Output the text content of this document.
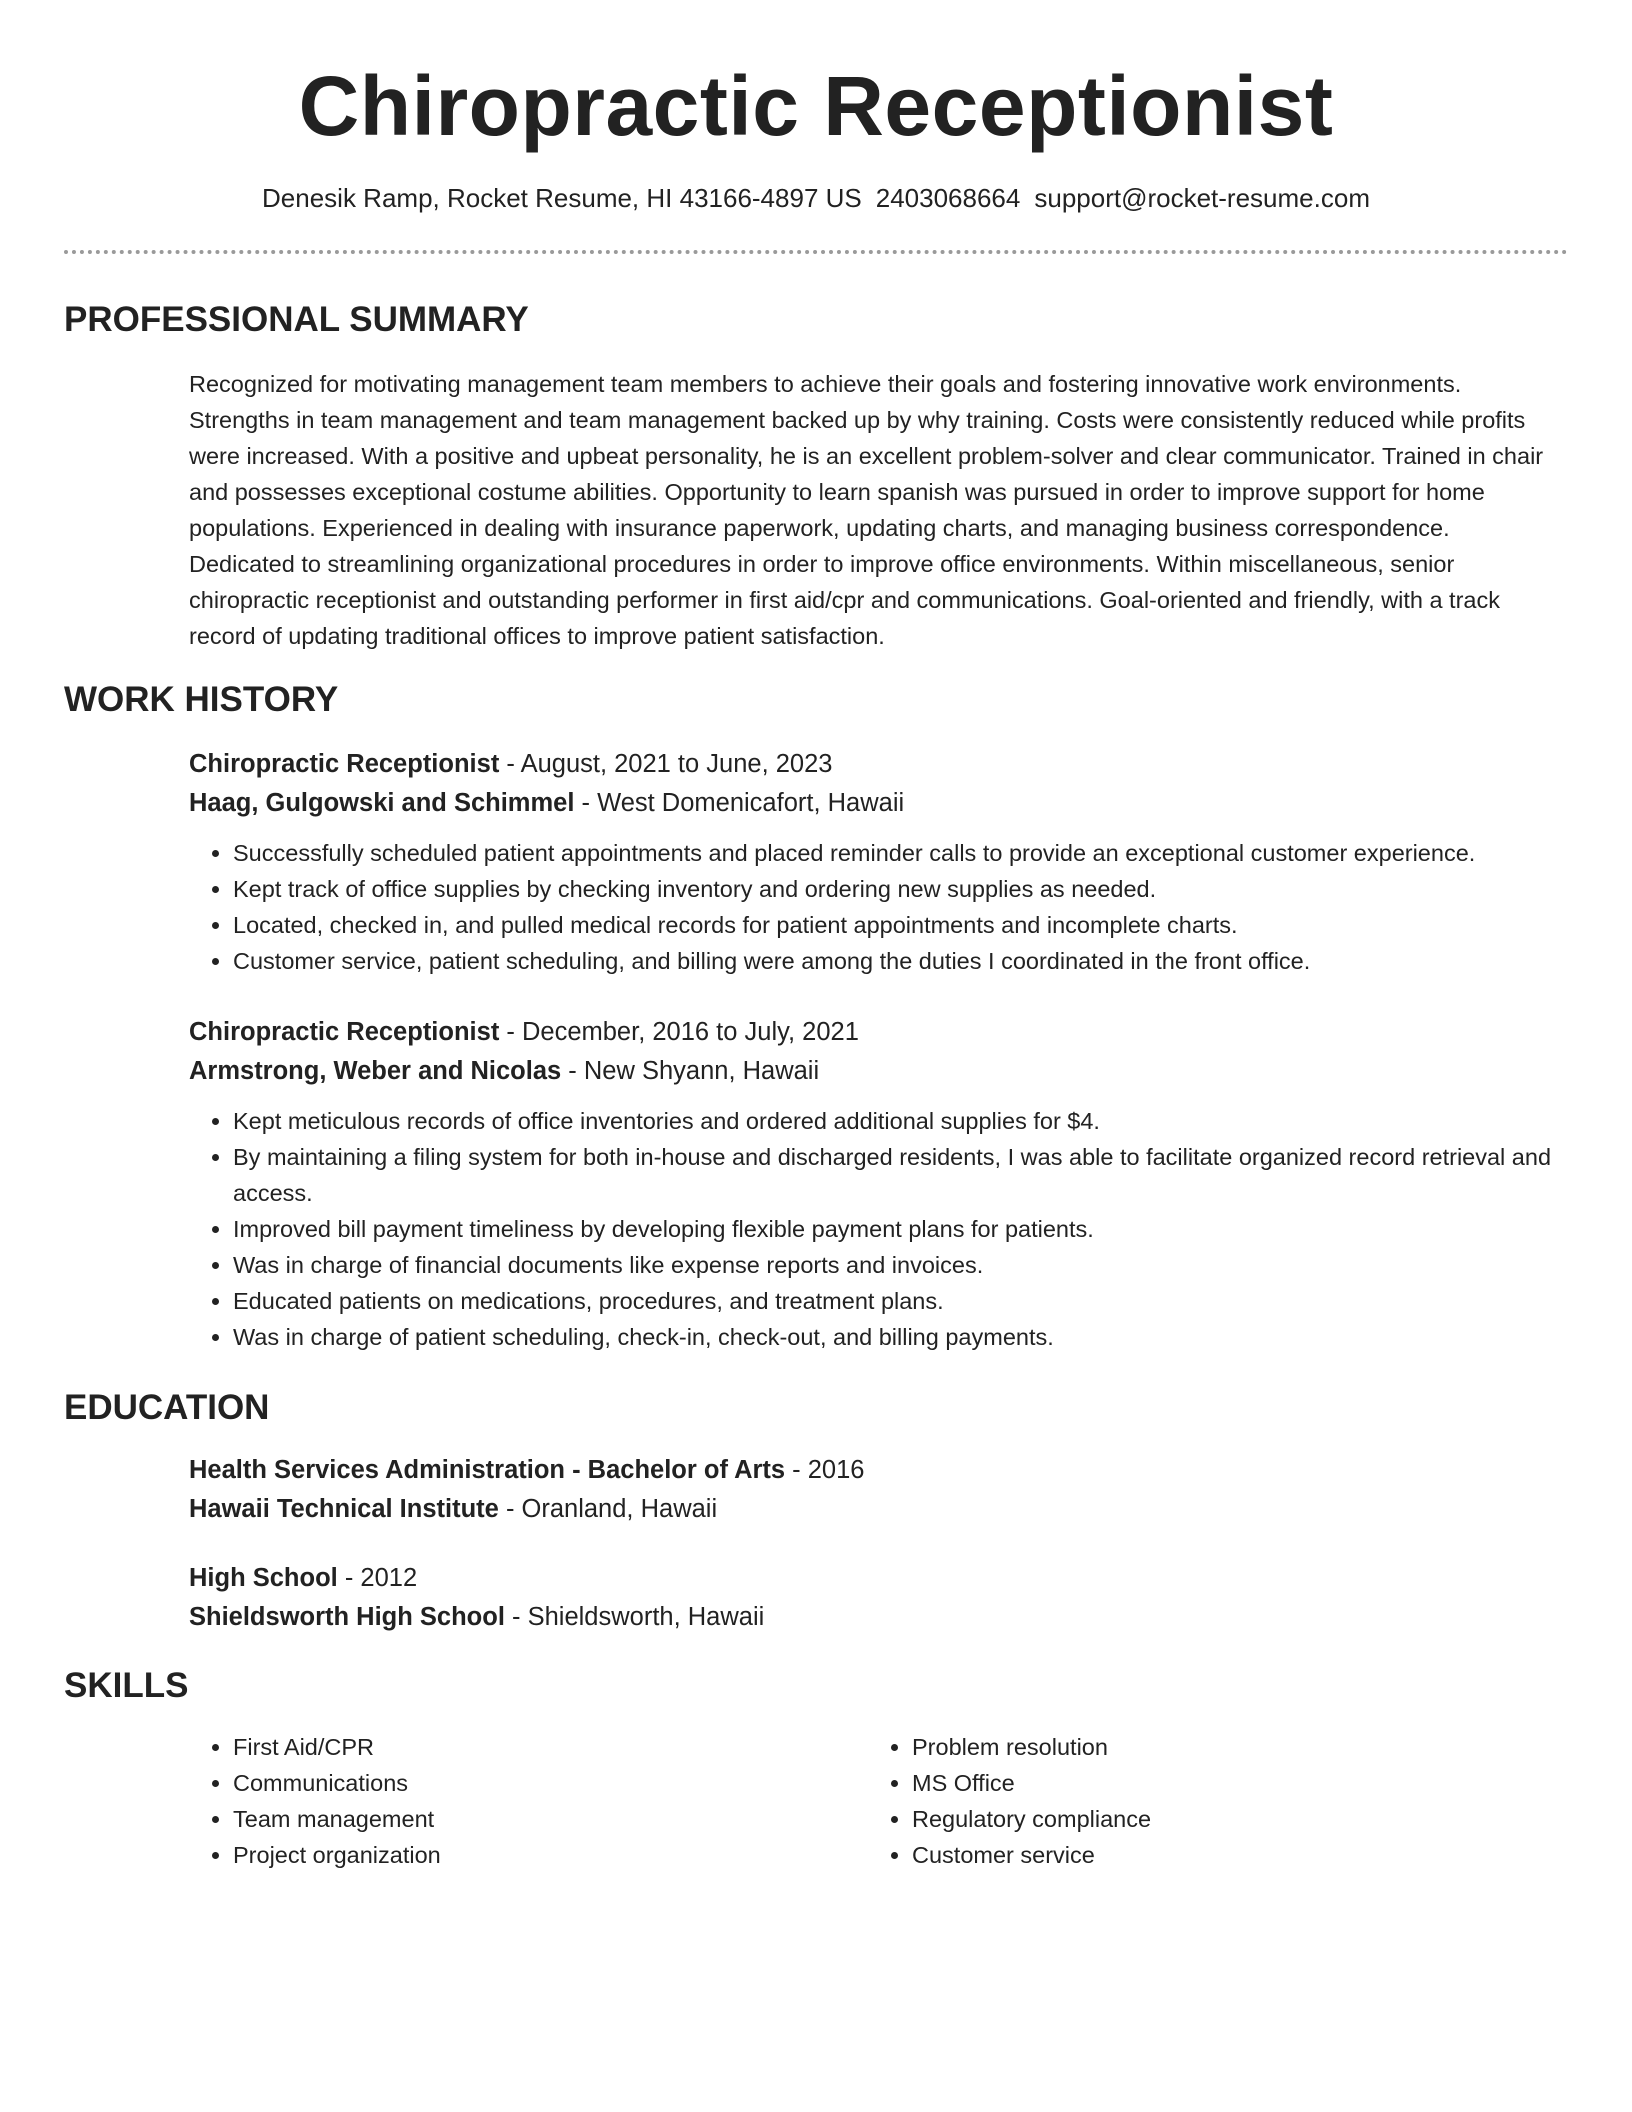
Chiropractic Receptionist
Denesik Ramp, Rocket Resume, HI 43166-4897 US 2403068664 support@rocket-resume.com
PROFESSIONAL SUMMARY

Recognized for motivating management team members to achieve their goals and fostering innovative work environments. Strengths in team management and team management backed up by why training. Costs were consistently reduced while profits were increased. With a positive and upbeat personality, he is an excellent problem-solver and clear communicator. Trained in chair and possesses exceptional costume abilities. Opportunity to learn spanish was pursued in order to improve support for home populations. Experienced in dealing with insurance paperwork, updating charts, and managing business correspondence. Dedicated to streamlining organizational procedures in order to improve office environments. Within miscellaneous, senior chiropractic receptionist and outstanding performer in first aid/cpr and communications. Goal-oriented and friendly, with a track record of updating traditional offices to improve patient satisfaction.

WORK HISTORY
Chiropractic Receptionist - August, 2021 to June, 2023
Haag, Gulgowski and Schimmel - West Domenicafort, Hawaii
• Successfully scheduled patient appointments and placed reminder calls to provide an exceptional customer experience.
• Kept track of office supplies by checking inventory and ordering new supplies as needed.
• Located, checked in, and pulled medical records for patient appointments and incomplete charts.
• Customer service, patient scheduling, and billing were among the duties I coordinated in the front office.
Chiropractic Receptionist - December, 2016 to July, 2021
Armstrong, Weber and Nicolas - New Shyann, Hawaii
• Kept meticulous records of office inventories and ordered additional supplies for $4.
• By maintaining a filing system for both in-house and discharged residents, I was able to facilitate organized record retrieval and access.
• Improved bill payment timeliness by developing flexible payment plans for patients.
• Was in charge of financial documents like expense reports and invoices.
• Educated patients on medications, procedures, and treatment plans.
• Was in charge of patient scheduling, check-in, check-out, and billing payments.
EDUCATION
Health Services Administration - Bachelor of Arts - 2016
Hawaii Technical Institute - Oranland, Hawaii
High School - 2012
Shieldsworth High School - Shieldsworth, Hawaii
SKILLS
• First Aid/CPR
• Communications
• Team management
• Project organization
• Problem resolution
• MS Office
• Regulatory compliance
• Customer service
